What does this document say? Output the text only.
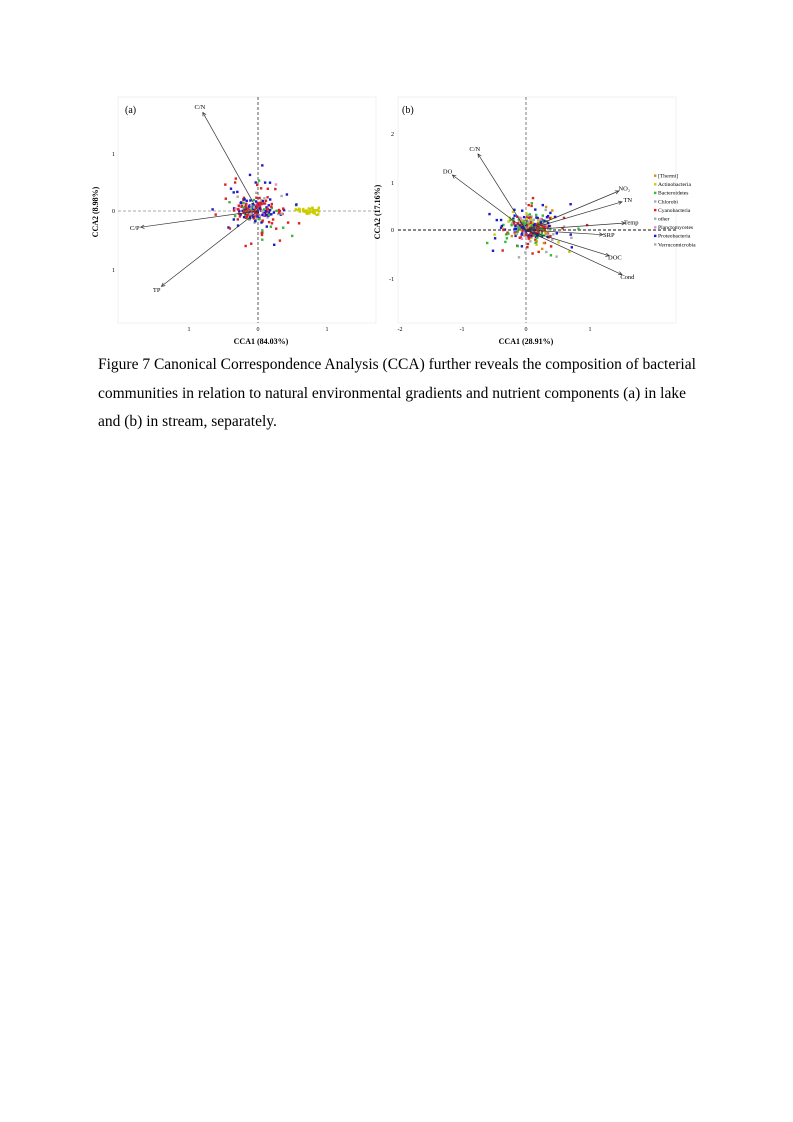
C/N
C/P
TP
(a)
1	0	1
1
0
1
CCA1 (84.03%)
CCA2 (8.98%)
C/N
DO
NO₂
TN
Temp
SRP
DOC
Cond
(b)
-2	-1	0	1
2
1
0
-1
CCA1 (28.91%)
CCA2 (17.16%)
[Thermi]
Actinobacteria
Bacteroidetes
Chlorobi
Cyanobacteria
other
Planctomycetes
Proteobacteria
Verrucomicrobia

Figure 7 Canonical Correspondence Analysis (CCA) further reveals the composition of bacterial communities in relation to natural environmental gradients and nutrient components (a) in lake and (b) in stream, separately.
